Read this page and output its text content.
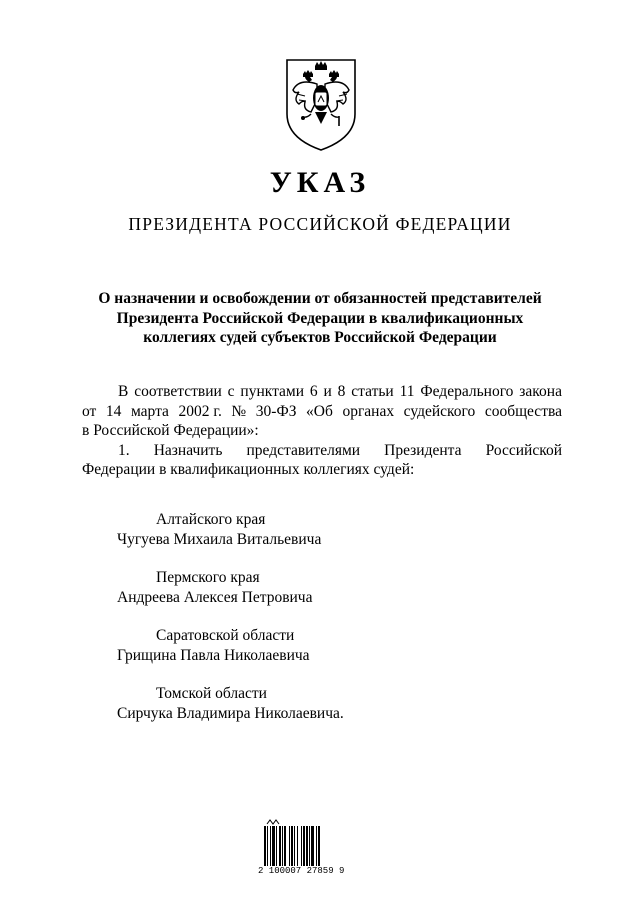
УКАЗ
ПРЕЗИДЕНТА РОССИЙСКОЙ ФЕДЕРАЦИИ
О назначении и освобождении от обязанностей представителей
Президента Российской Федерации в квалификационных
коллегиях судей субъектов Российской Федерации
В соответствии с пунктами 6 и 8 статьи 11 Федерального закона
от 14 марта 2002 г. № 30-ФЗ «Об органах судейского сообщества
в Российской Федерации»:
1. Назначить представителями Президента Российской
Федерации в квалификационных коллегиях судей:
Алтайского края
Чугуева Михаила Витальевича
Пермского края
Андреева Алексея Петровича
Саратовской области
Грищина Павла Николаевича
Томской области
Сирчука Владимира Николаевича.
2 100007 27859 9
